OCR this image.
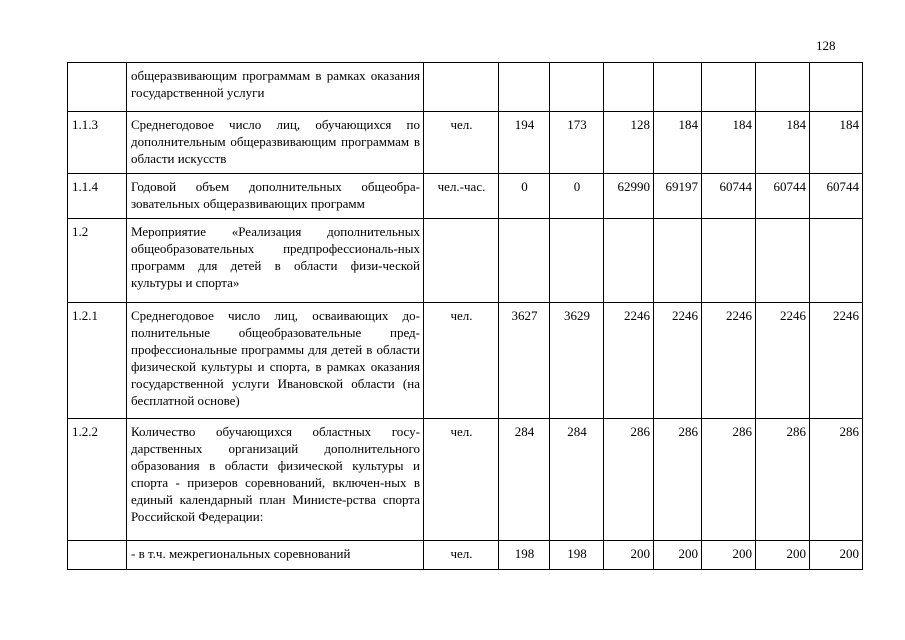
128
	общеразвивающим программам в рамках оказания государственной услуги								
1.1.3	Среднегодовое число лиц, обучающихся по дополнительным общеразвивающим программам в области искусств	чел.	194	173	128	184	184	184	184
1.1.4	Годовой объем дополнительных общеобра-зовательных общеразвивающих программ	чел.-час.	0	0	62990	69197	60744	60744	60744
1.2	Мероприятие «Реализация дополнительных общеобразовательных предпрофессиональ-ных программ для детей в области физи-ческой культуры и спорта»								
1.2.1	Среднегодовое число лиц, осваивающих до-полнительные общеобразовательные пред-профессиональные программы для детей в области физической культуры и спорта, в рамках оказания государственной услуги Ивановской области (на бесплатной основе)	чел.	3627	3629	2246	2246	2246	2246	2246
1.2.2	Количество обучающихся областных госу-дарственных организаций дополнительного образования в области физической культуры и спорта - призеров соревнований, включен-ных в единый календарный план Министе-рства спорта Российской Федерации:	чел.	284	284	286	286	286	286	286
	- в т.ч. межрегиональных соревнований	чел.	198	198	200	200	200	200	200
